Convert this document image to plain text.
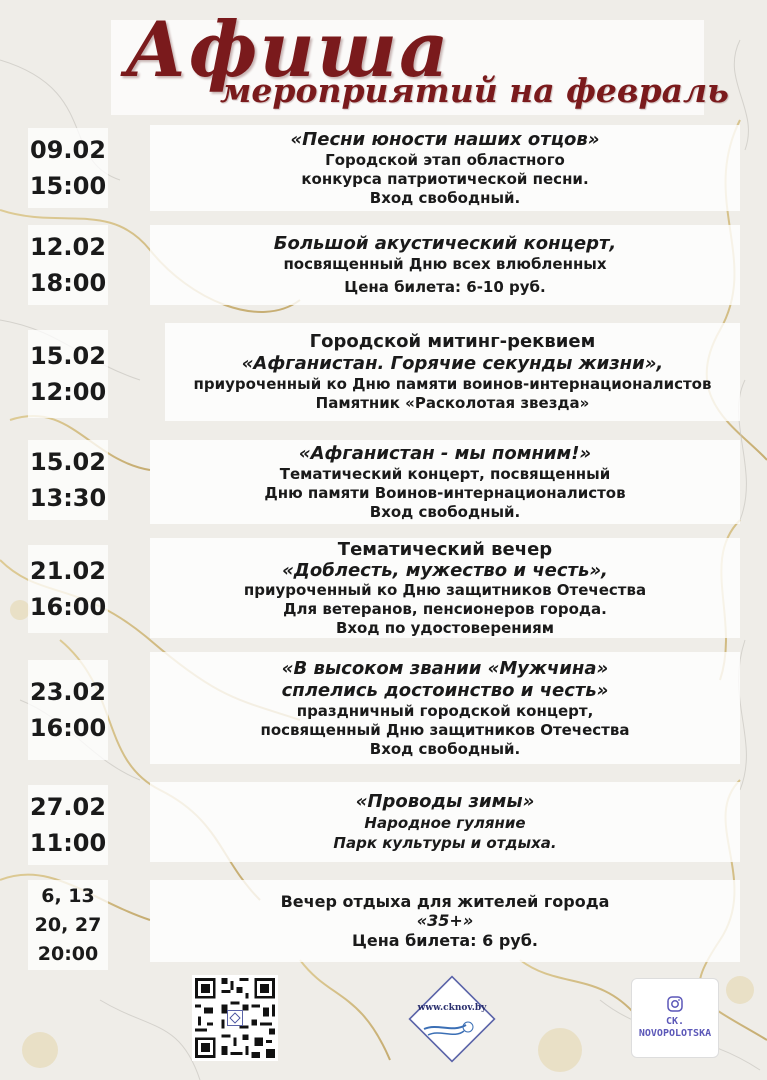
Афиша
мероприятий на февраль
09.02
15:00
«Песни юности наших отцов»
Городской этап областного
конкурса патриотической песни.
Вход свободный.
12.02
18:00
Большой акустический концерт,
посвященный Дню всех влюбленных
Цена билета: 6-10 руб.
15.02
12:00
Городской митинг-реквием
«Афганистан. Горячие секунды жизни»,
приуроченный ко Дню памяти воинов-интернационалистов
Памятник «Расколотая звезда»
15.02
13:30
«Афганистан - мы помним!»
Тематический концерт, посвященный
Дню памяти Воинов-интернационалистов
Вход свободный.
21.02
16:00
Тематический вечер
«Доблесть, мужество и честь»,
приуроченный ко Дню защитников Отечества
Для ветеранов, пенсионеров города.
Вход по удостоверениям
23.02
16:00
«В высоком звании «Мужчина»
сплелись достоинство и честь»
праздничный городской концерт,
посвященный Дню защитников Отечества
Вход свободный.
27.02
11:00
«Проводы зимы»
Народное гуляние
Парк культуры и отдыха.
6, 13
20, 27
20:00
Вечер отдыха для жителей города
«35+»
Цена билета: 6 руб.
www.cknov.by
CK.
NOVOPOLOTSKA
